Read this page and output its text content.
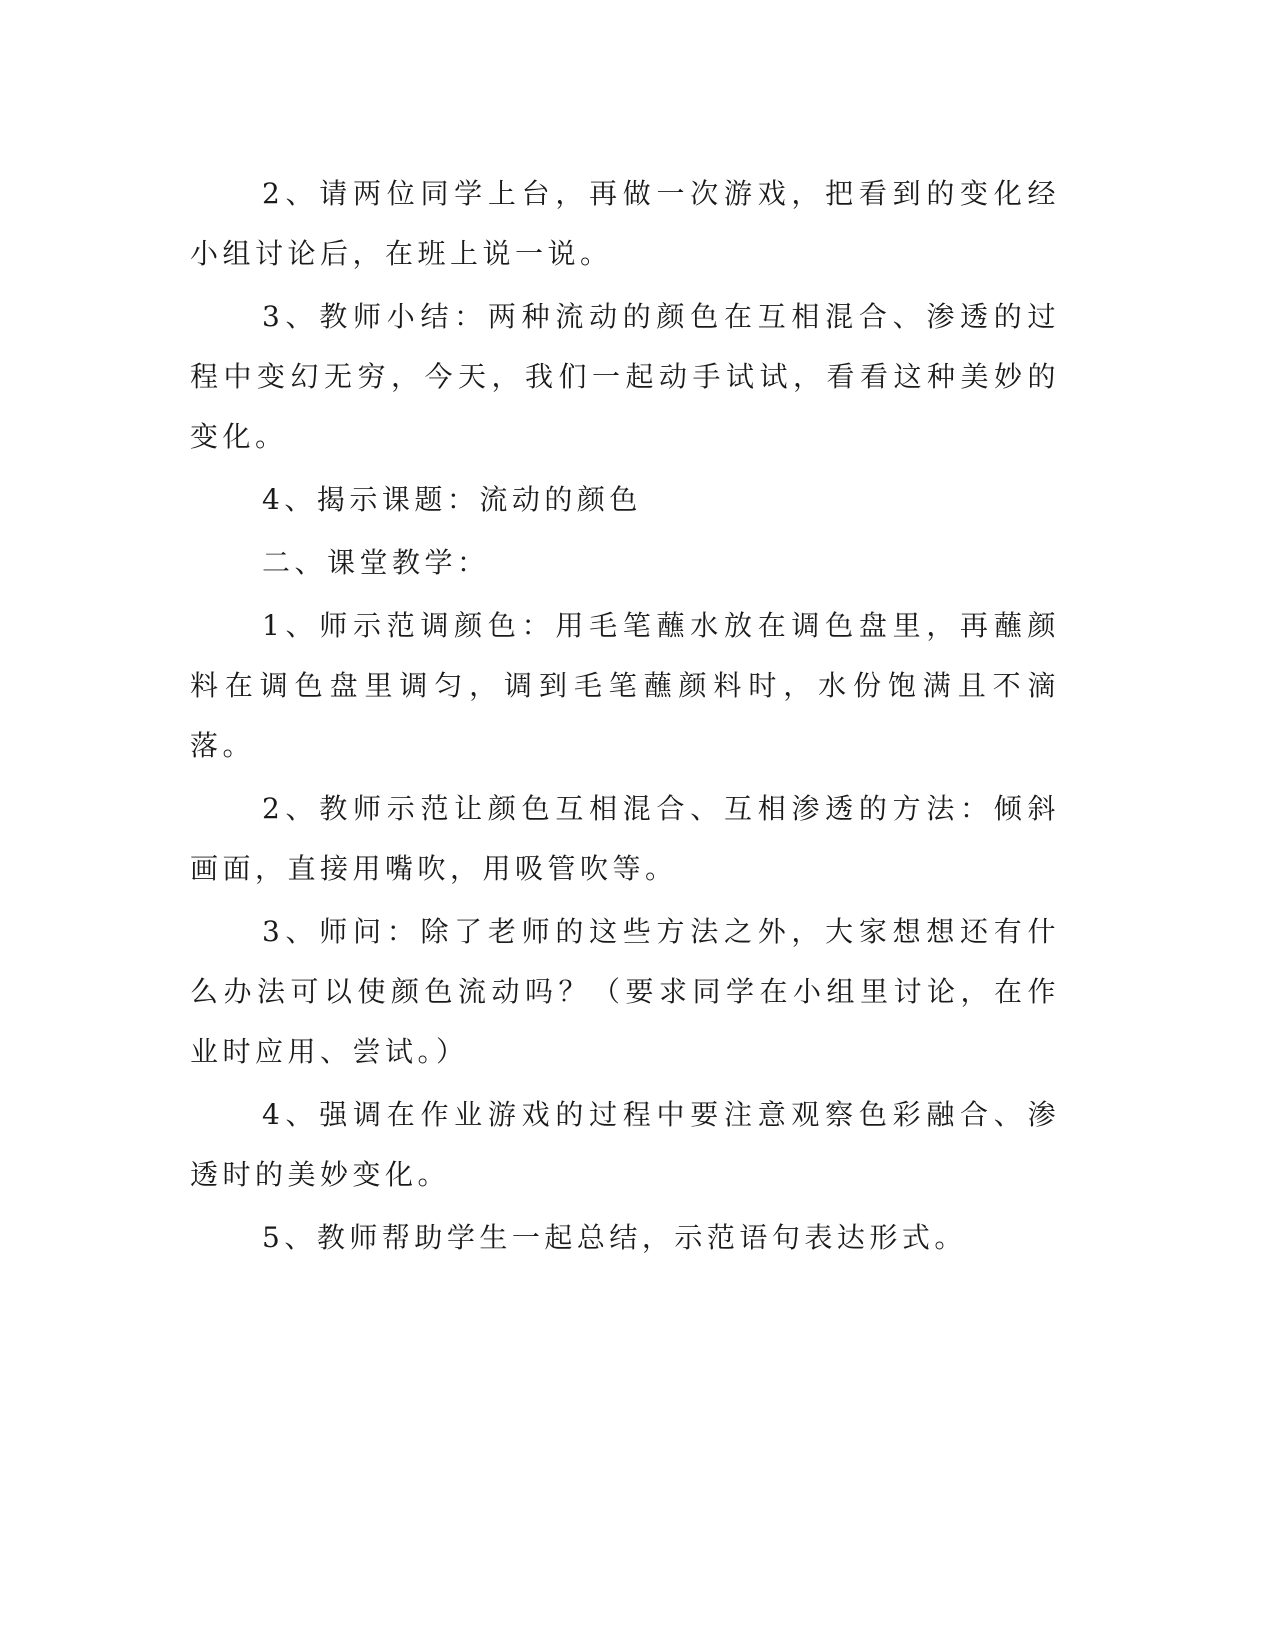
2、请两位同学上台，再做一次游戏，把看到的变化经小组讨论后，在班上说一说。

3、教师小结：两种流动的颜色在互相混合、渗透的过程中变幻无穷，今天，我们一起动手试试，看看这种美妙的变化。

4、揭示课题：流动的颜色

二、课堂教学：

1、师示范调颜色：用毛笔蘸水放在调色盘里，再蘸颜料在调色盘里调匀，调到毛笔蘸颜料时，水份饱满且不滴落。

2、教师示范让颜色互相混合、互相渗透的方法：倾斜画面，直接用嘴吹，用吸管吹等。

3、师问：除了老师的这些方法之外，大家想想还有什么办法可以使颜色流动吗？（要求同学在小组里讨论，在作业时应用、尝试。）

4、强调在作业游戏的过程中要注意观察色彩融合、渗透时的美妙变化。

5、教师帮助学生一起总结，示范语句表达形式。
